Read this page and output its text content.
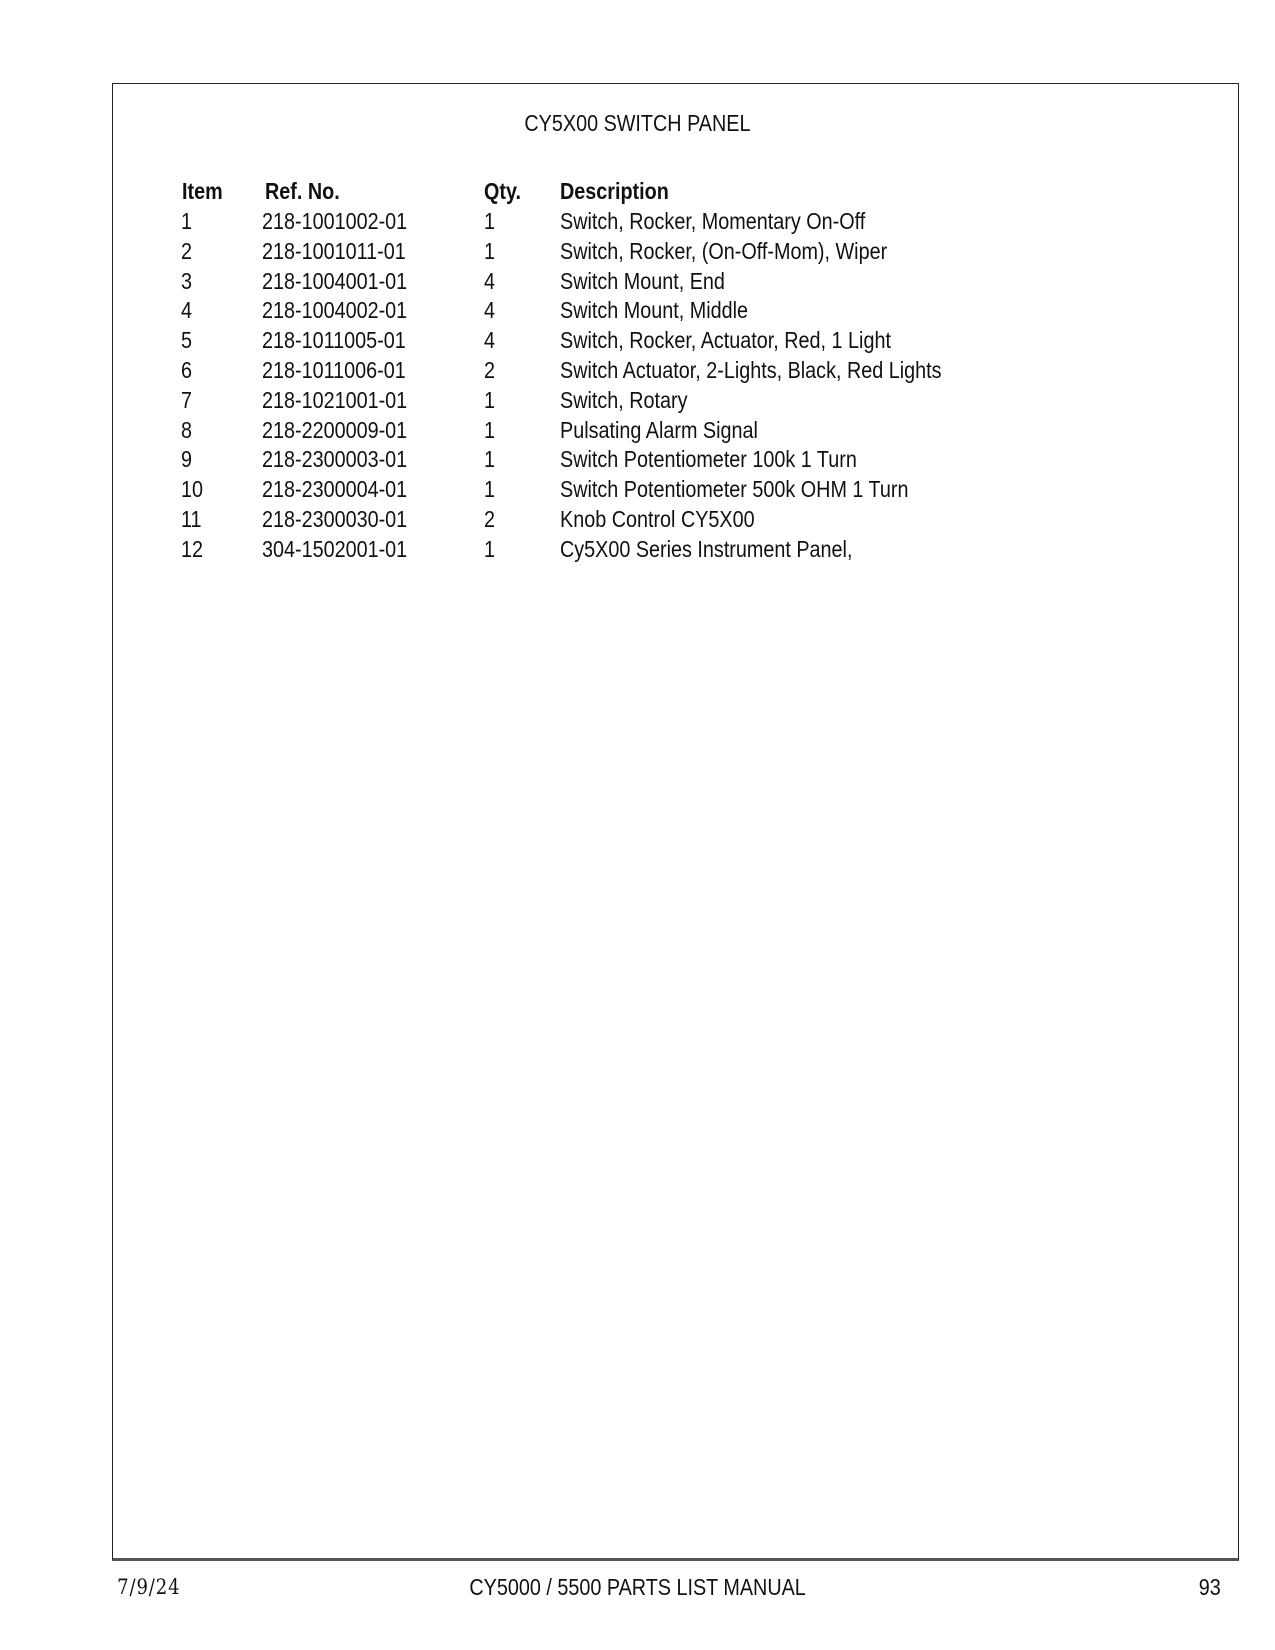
CY5X00 SWITCH PANEL
Item Ref. No.	Qty. Description
1	218-1001002-01	1	Switch, Rocker, Momentary On-Off
2	218-1001011-01	1	Switch, Rocker, (On-Off-Mom), Wiper
3	218-1004001-01	4	Switch Mount, End
4	218-1004002-01	4	Switch Mount, Middle
5	218-1011005-01	4	Switch, Rocker, Actuator, Red, 1 Light
6	218-1011006-01	2	Switch Actuator, 2-Lights, Black, Red Lights
7	218-1021001-01	1	Switch, Rotary
8	218-2200009-01	1	Pulsating Alarm Signal
9	218-2300003-01	1	Switch Potentiometer 100k 1 Turn
10	218-2300004-01	1	Switch Potentiometer 500k OHM 1 Turn
11	218-2300030-01	2	Knob Control CY5X00
12	304-1502001-01	1	Cy5X00 Series Instrument Panel,
7/9/24	CY5000 / 5500 PARTS LIST MANUAL	93
